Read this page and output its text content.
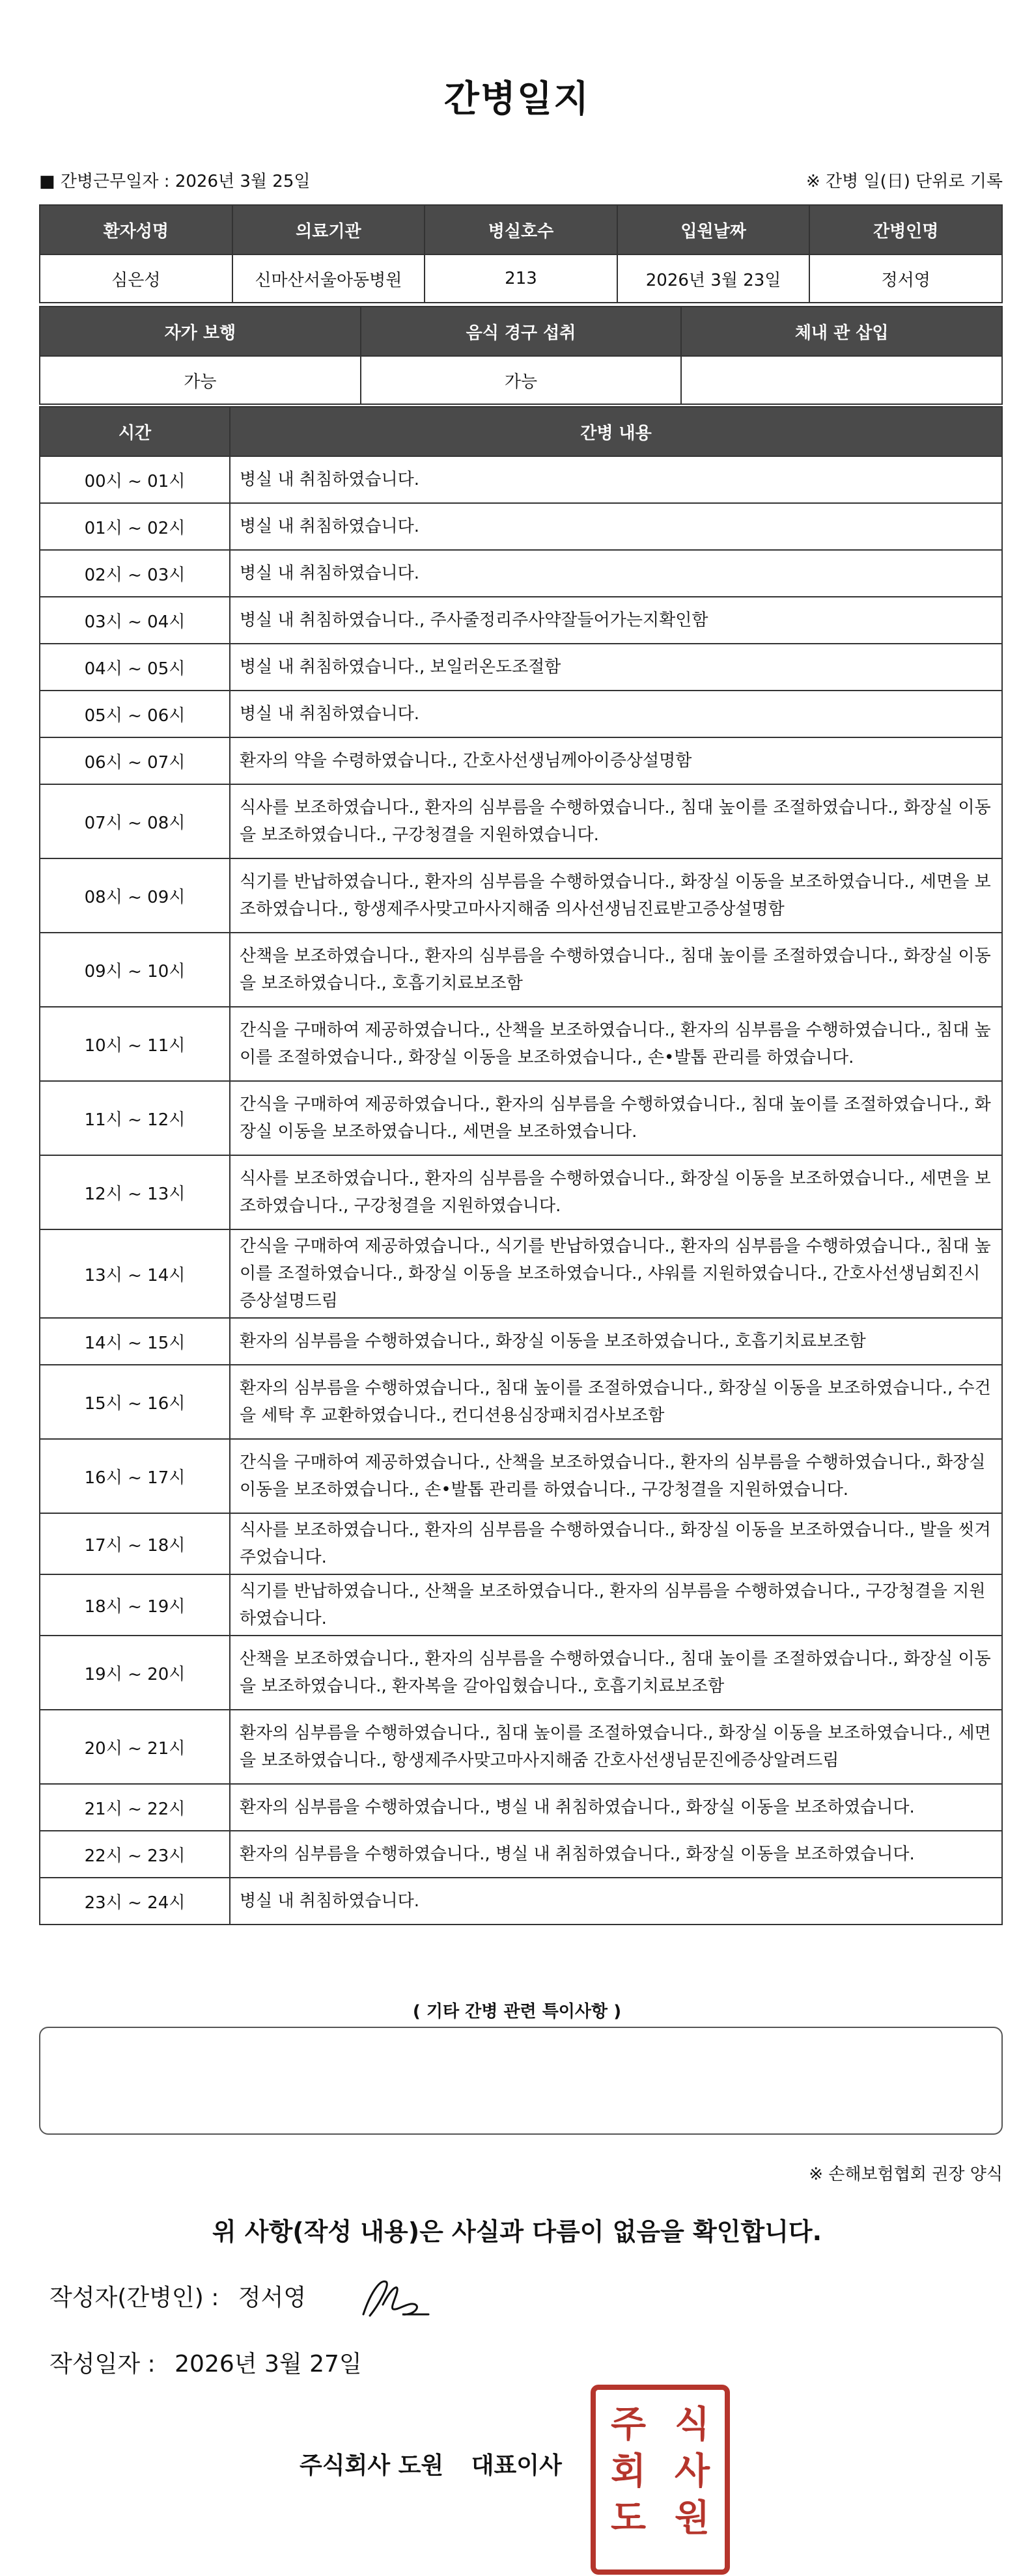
간병일지
■ 간병근무일자 : 2026년 3월 25일	※ 간병 일(日) 단위로 기록
환자성명	의료기관	병실호수	입원날짜	간병인명
심은성	신마산서울아동병원	213	2026년 3월 23일	정서영
자가 보행	음식 경구 섭취	체내 관 삽입
가능	가능	
시간	간병 내용
00시 ~ 01시	병실 내 취침하였습니다.
01시 ~ 02시	병실 내 취침하였습니다.
02시 ~ 03시	병실 내 취침하였습니다.
03시 ~ 04시	병실 내 취침하였습니다., 주사줄정리주사약잘들어가는지확인함
04시 ~ 05시	병실 내 취침하였습니다., 보일러온도조절함
05시 ~ 06시	병실 내 취침하였습니다.
06시 ~ 07시	환자의 약을 수령하였습니다., 간호사선생님께아이증상설명함
07시 ~ 08시	식사를 보조하였습니다., 환자의 심부름을 수행하였습니다., 침대 높이를 조절하였습니다., 화장실 이동을 보조하였습니다., 구강청결을 지원하였습니다.
08시 ~ 09시	식기를 반납하였습니다., 환자의 심부름을 수행하였습니다., 화장실 이동을 보조하였습니다., 세면을 보조하였습니다., 항생제주사맞고마사지해줌 의사선생님진료받고증상설명함
09시 ~ 10시	산책을 보조하였습니다., 환자의 심부름을 수행하였습니다., 침대 높이를 조절하였습니다., 화장실 이동을 보조하였습니다., 호흡기치료보조함
10시 ~ 11시	간식을 구매하여 제공하였습니다., 산책을 보조하였습니다., 환자의 심부름을 수행하였습니다., 침대 높이를 조절하였습니다., 화장실 이동을 보조하였습니다., 손•발톱 관리를 하였습니다.
11시 ~ 12시	간식을 구매하여 제공하였습니다., 환자의 심부름을 수행하였습니다., 침대 높이를 조절하였습니다., 화장실 이동을 보조하였습니다., 세면을 보조하였습니다.
12시 ~ 13시	식사를 보조하였습니다., 환자의 심부름을 수행하였습니다., 화장실 이동을 보조하였습니다., 세면을 보조하였습니다., 구강청결을 지원하였습니다.
13시 ~ 14시	간식을 구매하여 제공하였습니다., 식기를 반납하였습니다., 환자의 심부름을 수행하였습니다., 침대 높이를 조절하였습니다., 화장실 이동을 보조하였습니다., 샤워를 지원하였습니다., 간호사선생님회진시증상설명드림
14시 ~ 15시	환자의 심부름을 수행하였습니다., 화장실 이동을 보조하였습니다., 호흡기치료보조함
15시 ~ 16시	환자의 심부름을 수행하였습니다., 침대 높이를 조절하였습니다., 화장실 이동을 보조하였습니다., 수건을 세탁 후 교환하였습니다., 컨디션용심장패치검사보조함
16시 ~ 17시	간식을 구매하여 제공하였습니다., 산책을 보조하였습니다., 환자의 심부름을 수행하였습니다., 화장실 이동을 보조하였습니다., 손•발톱 관리를 하였습니다., 구강청결을 지원하였습니다.
17시 ~ 18시	식사를 보조하였습니다., 환자의 심부름을 수행하였습니다., 화장실 이동을 보조하였습니다., 발을 씻겨주었습니다.
18시 ~ 19시	식기를 반납하였습니다., 산책을 보조하였습니다., 환자의 심부름을 수행하였습니다., 구강청결을 지원하였습니다.
19시 ~ 20시	산책을 보조하였습니다., 환자의 심부름을 수행하였습니다., 침대 높이를 조절하였습니다., 화장실 이동을 보조하였습니다., 환자복을 갈아입혔습니다., 호흡기치료보조함
20시 ~ 21시	환자의 심부름을 수행하였습니다., 침대 높이를 조절하였습니다., 화장실 이동을 보조하였습니다., 세면을 보조하였습니다., 항생제주사맞고마사지해줌 간호사선생님문진에증상알려드림
21시 ~ 22시	환자의 심부름을 수행하였습니다., 병실 내 취침하였습니다., 화장실 이동을 보조하였습니다.
22시 ~ 23시	환자의 심부름을 수행하였습니다., 병실 내 취침하였습니다., 화장실 이동을 보조하였습니다.
23시 ~ 24시	병실 내 취침하였습니다.
( 기타 간병 관련 특이사항 )
※ 손해보험협회 권장 양식
위 사항(작성 내용)은 사실과 다름이 없음을 확인합니다.
작성자(간병인) : 정서영
작성일자 : 2026년 3월 27일
주식회사 도원 대표이사
주 식
회 사
도 원
